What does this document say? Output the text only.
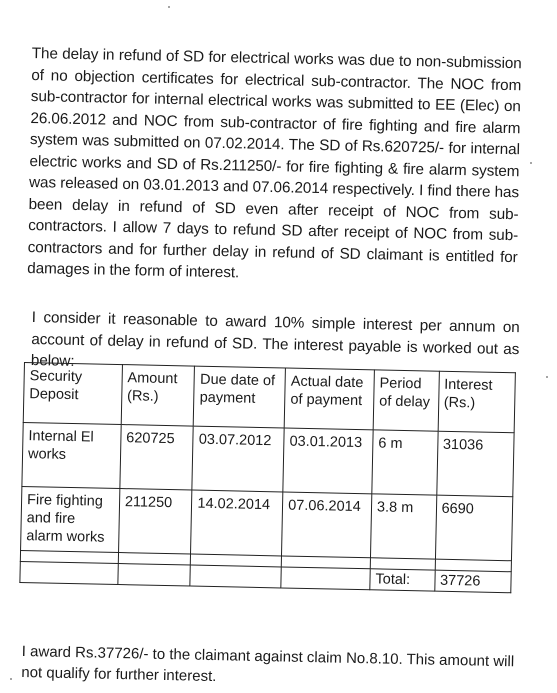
The delay in refund of SD for electrical works was due to non-submission of no objection certificates for electrical sub-contractor. The NOC from sub-contractor for internal electrical works was submitted to EE (Elec) on 26.06.2012 and NOC from sub-contractor of fire fighting and fire alarm system was submitted on 07.02.2014. The SD of Rs.620725/- for internal electric works and SD of Rs.211250/- for fire fighting & fire alarm system was released on 03.01.2013 and 07.06.2014 respectively. I find there has been delay in refund of SD even after receipt of NOC from sub-contractors. I allow 7 days to refund SD after receipt of NOC from sub-contractors and for further delay in refund of SD claimant is entitled for damages in the form of interest.

I consider it reasonable to award 10% simple interest per annum on account of delay in refund of SD. The interest payable is worked out as below:

Security Deposit	Amount (Rs.)	Due date of payment	Actual date of payment	Period of delay	Interest (Rs.)
Internal El works	620725	03.07.2012	03.01.2013	6 m	31036
Fire fighting and fire alarm works	211250	14.02.2014	07.06.2014	3.8 m	6690

				Total:	37726

I award Rs.37726/- to the claimant against claim No.8.10. This amount will not qualify for further interest.
